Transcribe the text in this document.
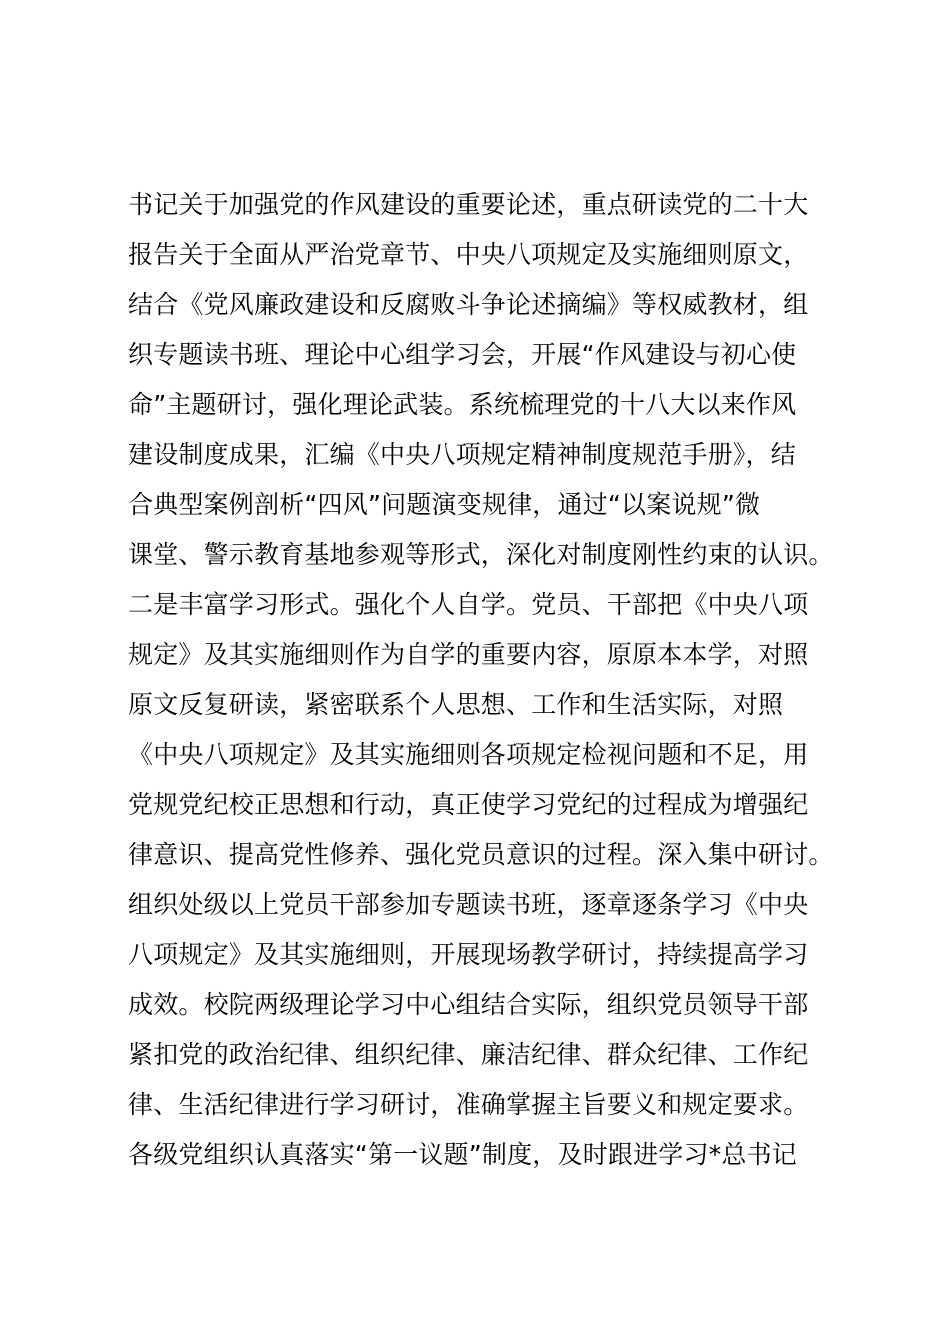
书记关于加强党的作风建设的重要论述，重点研读党的二十大
报告关于全面从严治党章节、中央八项规定及实施细则原文，
结合《党风廉政建设和反腐败斗争论述摘编》等权威教材，组
织专题读书班、理论中心组学习会，开展“作风建设与初心使
命”主题研讨，强化理论武装。系统梳理党的十八大以来作风
建设制度成果，汇编《中央八项规定精神制度规范手册》，结
合典型案例剖析“四风”问题演变规律，通过“以案说规”微
课堂、警示教育基地参观等形式，深化对制度刚性约束的认识。
二是丰富学习形式。强化个人自学。党员、干部把《中央八项
规定》及其实施细则作为自学的重要内容，原原本本学，对照
原文反复研读，紧密联系个人思想、工作和生活实际，对照
《中央八项规定》及其实施细则各项规定检视问题和不足，用
党规党纪校正思想和行动，真正使学习党纪的过程成为增强纪
律意识、提高党性修养、强化党员意识的过程。深入集中研讨。
组织处级以上党员干部参加专题读书班，逐章逐条学习《中央
八项规定》及其实施细则，开展现场教学研讨，持续提高学习
成效。校院两级理论学习中心组结合实际，组织党员领导干部
紧扣党的政治纪律、组织纪律、廉洁纪律、群众纪律、工作纪
律、生活纪律进行学习研讨，准确掌握主旨要义和规定要求。
各级党组织认真落实“第一议题”制度，及时跟进学习*总书记
